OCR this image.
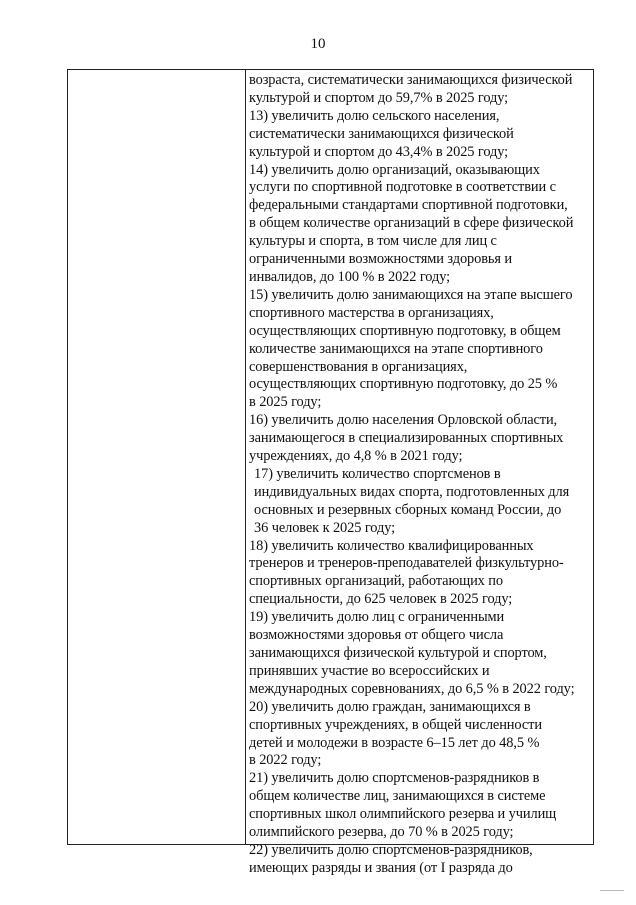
10
возраста, систематически занимающихся физической
культурой и спортом до 59,7% в 2025 году;
13) увеличить долю сельского населения,
систематически занимающихся физической
культурой и спортом до 43,4% в 2025 году;
14) увеличить долю организаций, оказывающих
услуги по спортивной подготовке в соответствии с
федеральными стандартами спортивной подготовки,
в общем количестве организаций в сфере физической
культуры и спорта, в том числе для лиц с
ограниченными возможностями здоровья и
инвалидов, до 100 % в 2022 году;
15) увеличить долю занимающихся на этапе высшего
спортивного мастерства в организациях,
осуществляющих спортивную подготовку, в общем
количестве занимающихся на этапе спортивного
совершенствования в организациях,
осуществляющих спортивную подготовку, до 25 %
в 2025 году;
16) увеличить долю населения Орловской области,
занимающегося в специализированных спортивных
учреждениях, до 4,8 % в 2021 году;
17) увеличить количество спортсменов в
индивидуальных видах спорта, подготовленных для
основных и резервных сборных команд России, до
36 человек к 2025 году;
18) увеличить количество квалифицированных
тренеров и тренеров-преподавателей физкультурно-
спортивных организаций, работающих по
специальности, до 625 человек в 2025 году;
19) увеличить долю лиц с ограниченными
возможностями здоровья от общего числа
занимающихся физической культурой и спортом,
принявших участие во всероссийских и
международных соревнованиях, до 6,5 % в 2022 году;
20) увеличить долю граждан, занимающихся в
спортивных учреждениях, в общей численности
детей и молодежи в возрасте 6–15 лет до 48,5 %
в 2022 году;
21) увеличить долю спортсменов-разрядников в
общем количестве лиц, занимающихся в системе
спортивных школ олимпийского резерва и училищ
олимпийского резерва, до 70 % в 2025 году;
22) увеличить долю спортсменов-разрядников,
имеющих разряды и звания (от I разряда до
